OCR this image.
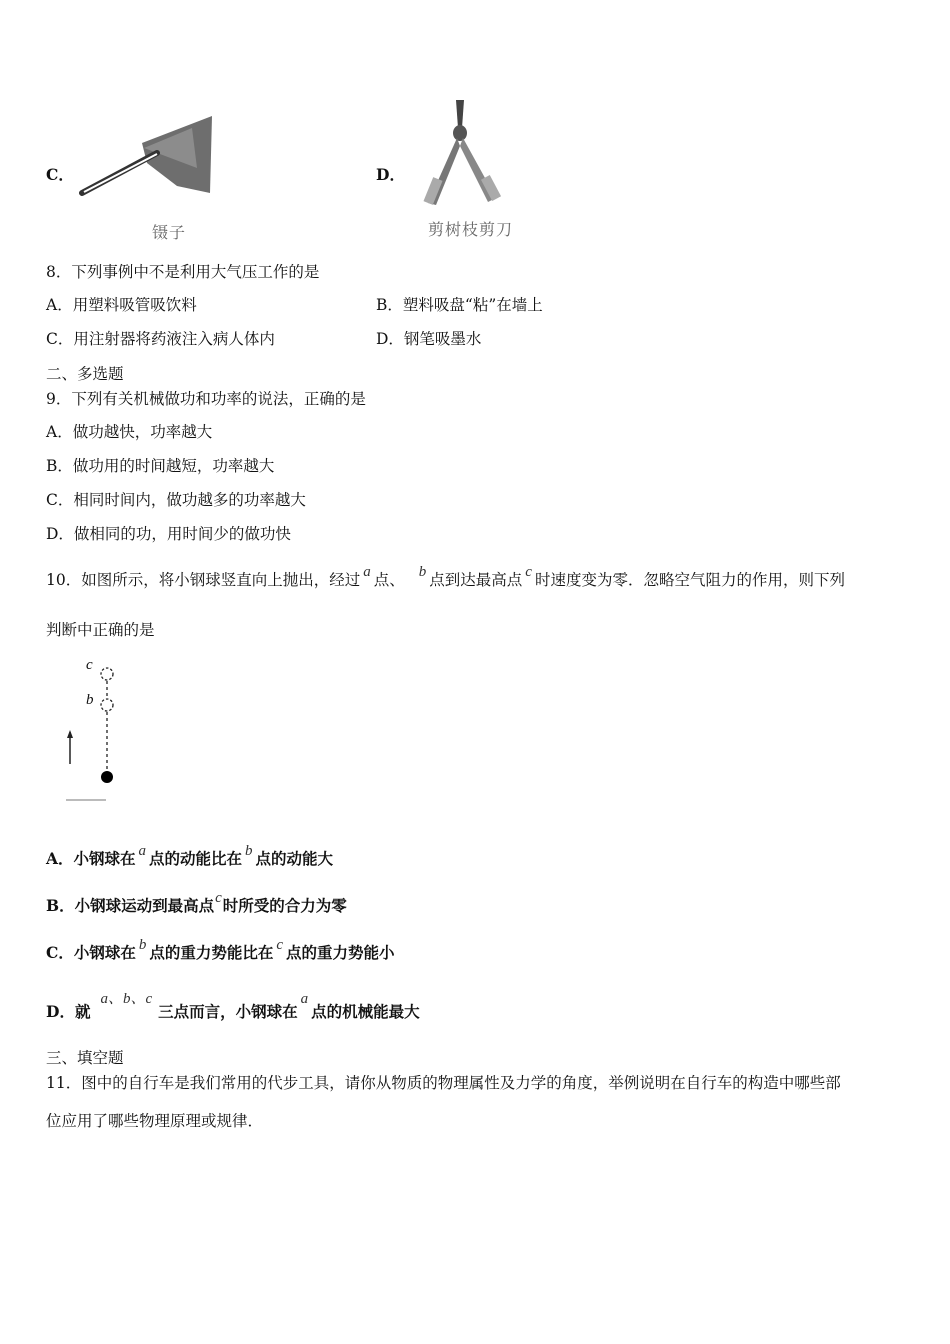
C．
镊子
D．
剪树枝剪刀
8．下列事例中不是利用大气压工作的是
A．用塑料吸管吸饮料	B．塑料吸盘“粘”在墙上
C．用注射器将药液注入病人体内	D．钢笔吸墨水
二、多选题
9．下列有关机械做功和功率的说法，正确的是
A．做功越快，功率越大
B．做功用的时间越短，功率越大
C．相同时间内，做功越多的功率越大
D．做相同的功，用时间少的做功快
10．如图所示，将小钢球竖直向上抛出，经过 a 点、 b 点到达最高点 c 时速度变为零．忽略空气阻力的作用，则下列
判断中正确的是
c
b
A．小钢球在 a 点的动能比在 b 点的动能大
B．小钢球运动到最高点c时所受的合力为零
C．小钢球在 b 点的重力势能比在 c 点的重力势能小
D．就a、b、c三点而言，小钢球在a点的机械能最大
三、填空题
11．图中的自行车是我们常用的代步工具，请你从物质的物理属性及力学的角度，举例说明在自行车的构造中哪些部
位应用了哪些物理原理或规律．
